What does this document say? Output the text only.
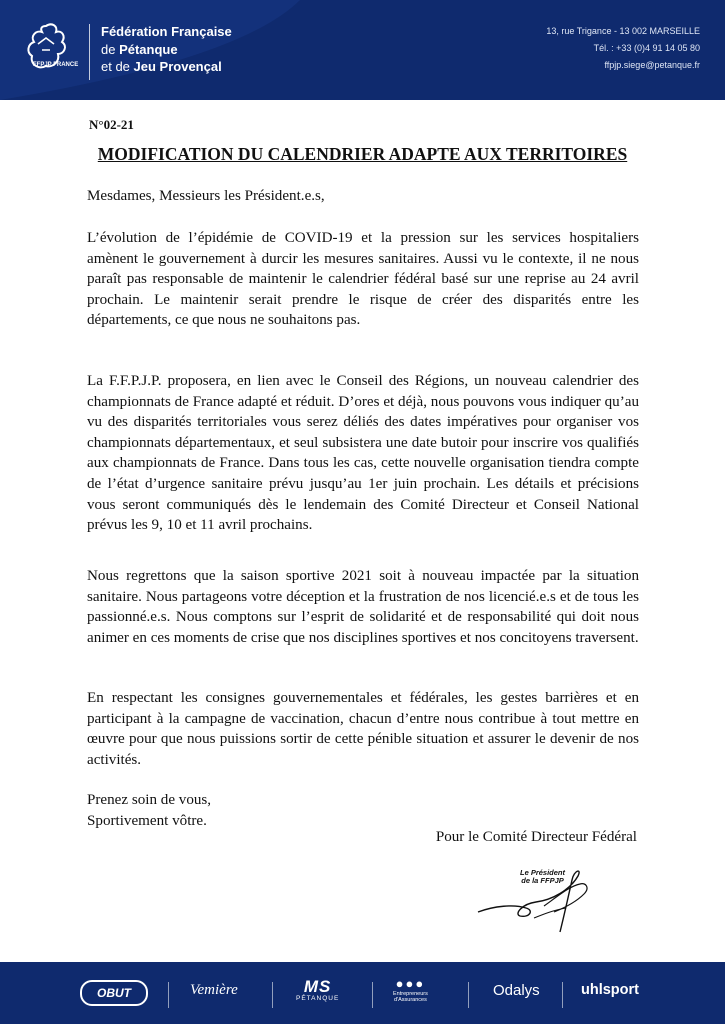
FFPJP FRANCE
Fédération Française
de Pétanque
et de Jeu Provençal
13, rue Trigance - 13 002 MARSEILLE
Tél. : +33 (0)4 91 14 05 80
ffpjp.siege@petanque.fr
N°02-21
MODIFICATION DU CALENDRIER ADAPTE AUX TERRITOIRES
Mesdames, Messieurs les Président.e.s,
L’évolution de l’épidémie de COVID-19 et la pression sur les services hospitaliers amènent le gouvernement à durcir les mesures sanitaires. Aussi vu le contexte, il ne nous paraît pas responsable de maintenir le calendrier fédéral basé sur une reprise au 24 avril prochain. Le maintenir serait prendre le risque de créer des disparités entre les départements, ce que nous ne souhaitons pas.
La F.F.P.J.P. proposera, en lien avec le Conseil des Régions, un nouveau calendrier des championnats de France adapté et réduit. D’ores et déjà, nous pouvons vous indiquer qu’au vu des disparités territoriales vous serez déliés des dates impératives pour organiser vos championnats départementaux, et seul subsistera une date butoir pour inscrire vos qualifiés aux championnats de France. Dans tous les cas, cette nouvelle organisation tiendra compte de l’état d’urgence sanitaire prévu jusqu’au 1er juin prochain. Les détails et précisions vous seront communiqués dès le lendemain des Comité Directeur et Conseil National prévus les 9, 10 et 11 avril prochains.
Nous regrettons que la saison sportive 2021 soit à nouveau impactée par la situation sanitaire. Nous partageons votre déception et la frustration de nos licencié.e.s et de tous les passionné.e.s. Nous comptons sur l’esprit de solidarité et de responsabilité qui doit nous animer en ces moments de crise que nos disciplines sportives et nos concitoyens traversent.
En respectant les consignes gouvernementales et fédérales, les gestes barrières et en participant à la campagne de vaccination, chacun d’entre nous contribue à tout mettre en œuvre pour que nous puissions sortir de cette pénible situation et assurer le devenir de nos activités.
Prenez soin de vous,
Sportivement vôtre.
Pour le Comité Directeur Fédéral
Le Président
de la FFPJP
OBUT	Vemière	MS
PÉTANQUE
●●●
Entrepreneurs
d'Assurances
Odalys	uhlsport
